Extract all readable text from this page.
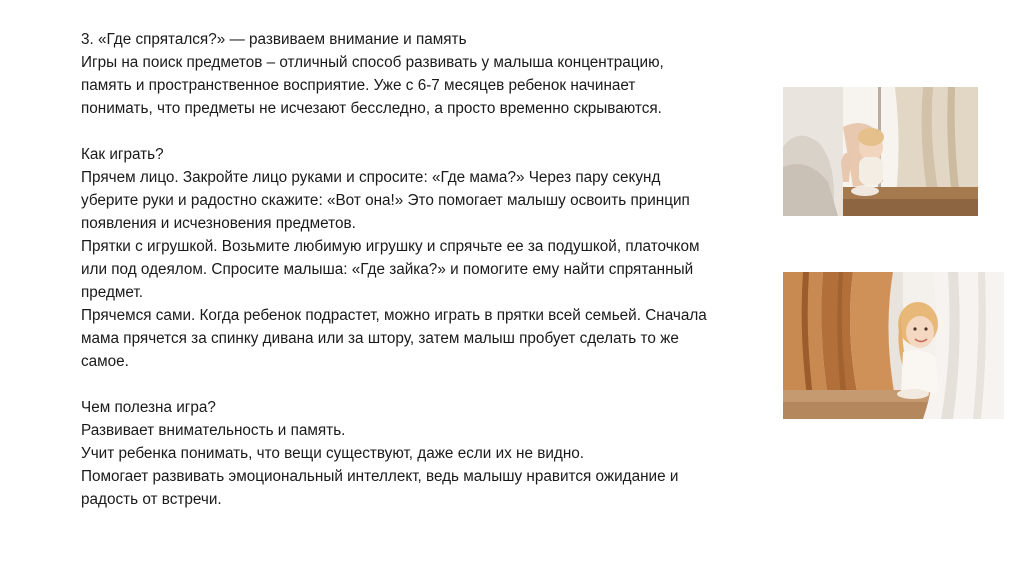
3. «Где спрятался?» — развиваем внимание и память
Игры на поиск предметов – отличный способ развивать у малыша концентрацию,
память и пространственное восприятие. Уже с 6-7 месяцев ребенок начинает
понимать, что предметы не исчезают бесследно, а просто временно скрываются.
Как играть?
Прячем лицо. Закройте лицо руками и спросите: «Где мама?» Через пару секунд
уберите руки и радостно скажите: «Вот она!» Это помогает малышу освоить принцип
появления и исчезновения предметов.
Прятки с игрушкой. Возьмите любимую игрушку и спрячьте ее за подушкой, платочком
или под одеялом. Спросите малыша: «Где зайка?» и помогите ему найти спрятанный
предмет.
Прячемся сами. Когда ребенок подрастет, можно играть в прятки всей семьей. Сначала
мама прячется за спинку дивана или за штору, затем малыш пробует сделать то же
самое.
Чем полезна игра?
Развивает внимательность и память.
Учит ребенка понимать, что вещи существуют, даже если их не видно.
Помогает развивать эмоциональный интеллект, ведь малышу нравится ожидание и
радость от встречи.
